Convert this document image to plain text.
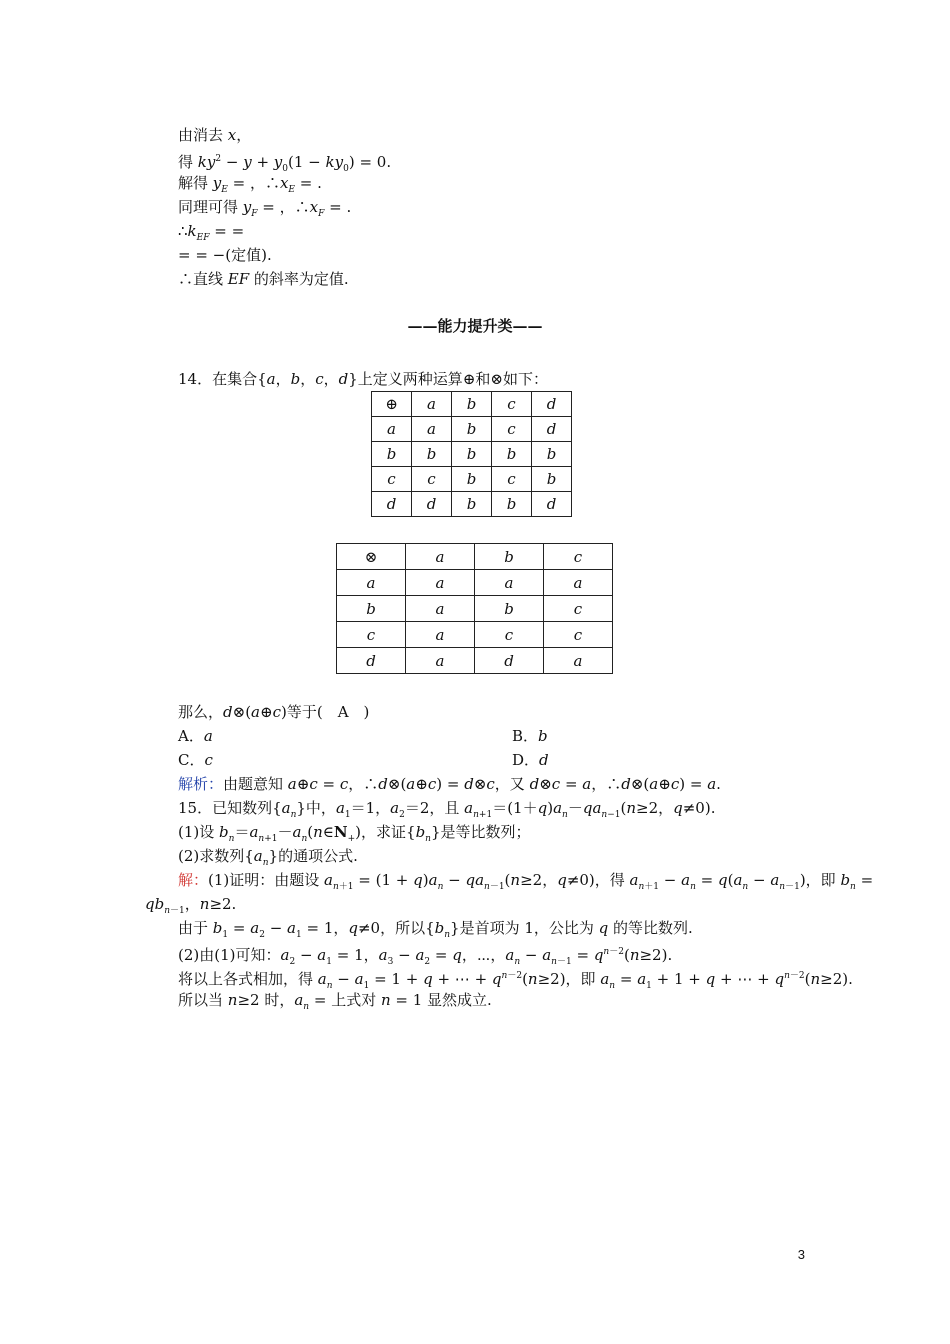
由消去 x，
得 $ky^2 - y + y_0(1 - ky_0) = 0$.
解得 $y_E$ = ，$\therefore x_E$ = .
同理可得 $y_F$ = ，$\therefore x_F$ = .
$\therefore k_{EF}$ = =
= = −(定值).
∴直线 EF 的斜率为定值.
——能力提升类——
14．在集合{a，b，c，d}上定义两种运算⊕和⊗如下：
⊕	a	b	c	d
a	a	b	c	d
b	b	b	b	b
c	c	b	c	b
d	d	b	b	d
⊗	a	b	c
a	a	a	a
b	a	b	c
c	a	c	c
d	a	d	a
那么，d⊗(a⊕c)等于(　A　)
A．a	B．b
C．c	D．d
解析：由题意知 a⊕c = c，∴d⊗(a⊕c) = d⊗c，又 d⊗c = a，∴d⊗(a⊕c) = a.
15．已知数列$\{a_n\}$中，$a_1=1$，$a_2=2$，且 $a_{n+1}=(1+q)a_n-qa_{n-1}(n\ge 2$，q≠0).
(1)设 $b_n=a_{n+1}-a_n(n\in N_+)$，求证$\{b_n\}$是等比数列；
(2)求数列$\{a_n\}$的通项公式.
解：(1)证明：由题设 $a_{n+1} = (1 + q)a_n - qa_{n-1}(n\ge 2$，q≠0)，得 $a_{n+1} - a_n = q(a_n - a_{n-1})$，即 $b_n$ =
$qb_{n-1}$，n≥2.
由于 $b_1 = a_2 - a_1 = 1$，q≠0，所以$\{b_n\}$是首项为 1，公比为 q 的等比数列.
(2)由(1)可知：$a_2 - a_1 = 1$，$a_3 - a_2 = q$，⋯，$a_n - a_{n-1} = q^{n-2}(n\ge 2)$.
将以上各式相加，得 $a_n - a_1 = 1 + q$ + ⋯ + $q^{n-2}(n\ge 2)$，即 $a_n = a_1 + 1 + q$ + ⋯ + $q^{n-2}(n\ge 2)$.
所以当 n≥2 时，$a_n$ = 上式对 n = 1 显然成立.
3
